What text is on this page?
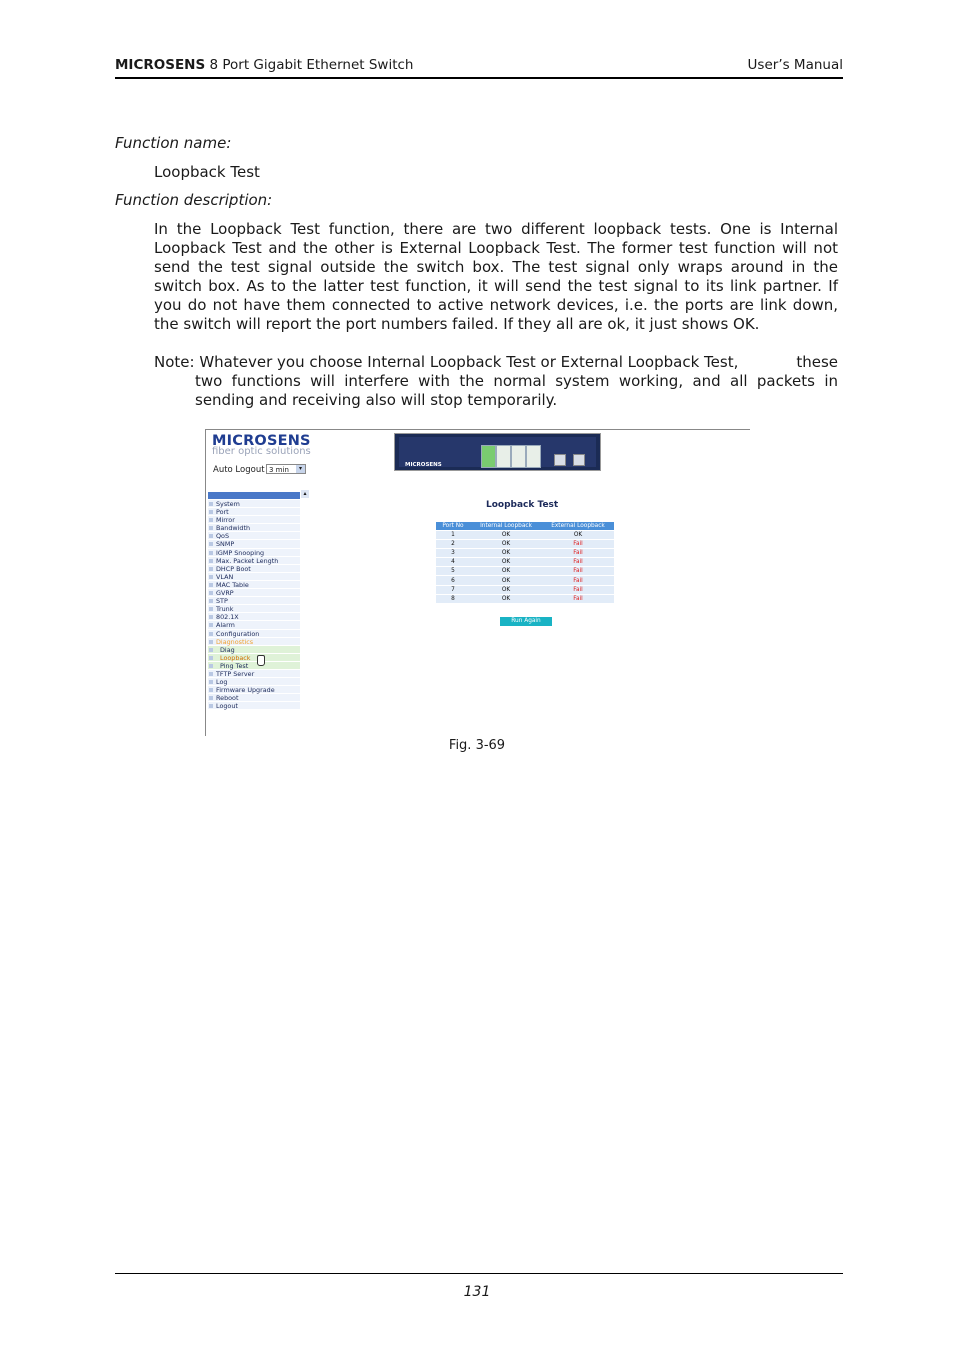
MICROSENS 8 Port Gigabit Ethernet Switch	User’s Manual
Function name:
Loopback Test
Function description:
In the Loopback Test function, there are two different loopback tests. One is Internal Loopback Test and the other is External Loopback Test. The former test function will not send the test signal outside the switch box. The test signal only wraps around in the switch box. As to the latter test function, it will send the test signal to its link partner. If you do not have them connected to active network devices, i.e. the ports are link down, the switch will report the port numbers failed. If they all are ok, it just shows OK.
Note: Whatever you choose Internal Loopback Test or External Loopback Test,	these
two functions will interfere with the normal system working, and all packets in sending and receiving also will stop temporarily.
MICROSENS
fiber optic solutions
Auto Logout 3 min	▾	MICROSENS
▴
System
Port
Mirror
Bandwidth
QoS
SNMP
IGMP Snooping
Max. Packet Length
DHCP Boot
VLAN
MAC Table
GVRP
STP
Trunk
802.1X
Alarm
Configuration
Diagnostics
Diag
Loopback
Ping Test
TFTP Server
Log
Firmware Upgrade
Reboot
Logout
Loopback Test
Port No	Internal Loopback	External Loopback
1	OK	OK
2	OK	Fail
3	OK	Fail
4	OK	Fail
5	OK	Fail
6	OK	Fail
7	OK	Fail
8	OK	Fail
Run Again
Fig. 3-69
131
